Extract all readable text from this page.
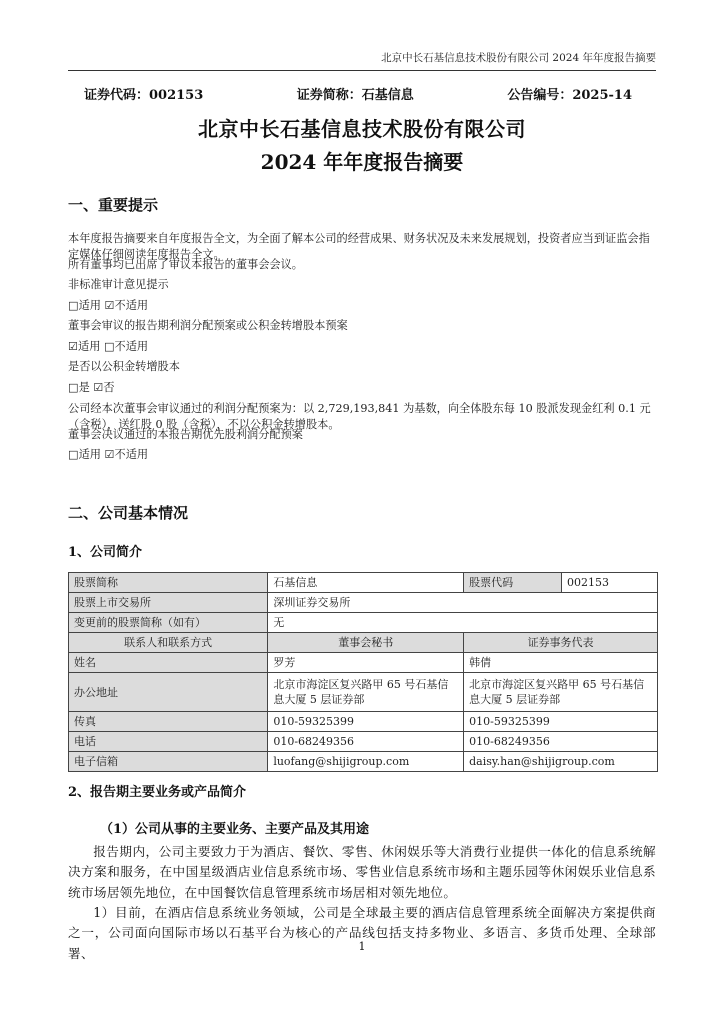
北京中长石基信息技术股份有限公司 2024 年年度报告摘要
证券代码：002153	证券简称：石基信息	公告编号：2025-14
北京中长石基信息技术股份有限公司
2024 年年度报告摘要
一、重要提示
本年度报告摘要来自年度报告全文，为全面了解本公司的经营成果、财务状况及未来发展规划，投资者应当到证监会指定媒体仔细阅读年度报告全文。
所有董事均已出席了审议本报告的董事会会议。
非标准审计意见提示
□适用 ☑不适用
董事会审议的报告期利润分配预案或公积金转增股本预案
☑适用 □不适用
是否以公积金转增股本
□是 ☑否
公司经本次董事会审议通过的利润分配预案为：以 2,729,193,841 为基数，向全体股东每 10 股派发现金红利 0.1 元（含税），送红股 0 股（含税），不以公积金转增股本。
董事会决议通过的本报告期优先股利润分配预案
□适用 ☑不适用
二、公司基本情况
1、公司简介
股票简称	石基信息	股票代码	002153
股票上市交易所	深圳证券交易所		
变更前的股票简称（如有）	无		
联系人和联系方式	董事会秘书	证券事务代表	
姓名	罗芳	韩倩	
办公地址	北京市海淀区复兴路甲 65 号石基信息大厦 5 层证券部	北京市海淀区复兴路甲 65 号石基信息大厦 5 层证券部	
传真	010-59325399	010-59325399	
电话	010-68249356	010-68249356	
电子信箱	luofang@shijigroup.com	daisy.han@shijigroup.com	
2、报告期主要业务或产品简介
（1）公司从事的主要业务、主要产品及其用途
报告期内，公司主要致力于为酒店、餐饮、零售、休闲娱乐等大消费行业提供一体化的信息系统解决方案和服务，在中国星级酒店业信息系统市场、零售业信息系统市场和主题乐园等休闲娱乐业信息系统市场居领先地位，在中国餐饮信息管理系统市场居相对领先地位。
1）目前，在酒店信息系统业务领域，公司是全球最主要的酒店信息管理系统全面解决方案提供商之一，公司面向国际市场以石基平台为核心的产品线包括支持多物业、多语言、多货币处理、全球部署、	1
